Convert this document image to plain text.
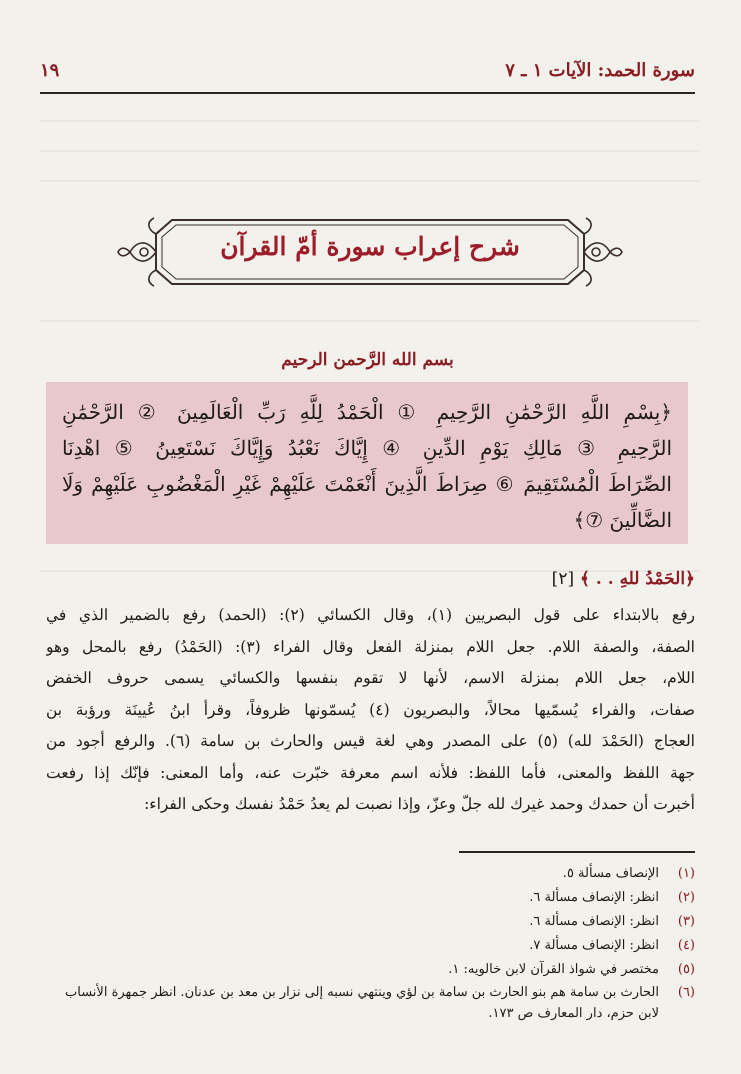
سورة الحمد: الآيات ١ ـ ٧
١٩
شرح إعراب سورة أمّ القرآن
بسم الله الرَّحمن الرحيم
﴿بِسْمِ اللَّهِ الرَّحْمَٰنِ الرَّحِيمِ ① الْحَمْدُ لِلَّهِ رَبِّ الْعَالَمِينَ ② الرَّحْمَٰنِ
الرَّحِيمِ ③ مَالِكِ يَوْمِ الدِّينِ ④ إِيَّاكَ نَعْبُدُ وَإِيَّاكَ نَسْتَعِينُ ⑤ اهْدِنَا
الصِّرَاطَ الْمُسْتَقِيمَ ⑥ صِرَاطَ الَّذِينَ أَنْعَمْتَ عَلَيْهِمْ غَيْرِ الْمَغْضُوبِ عَلَيْهِمْ وَلَا
الضَّالِّينَ ⑦﴾
﴿الحَمْدُ للهِ . . ﴾ [٢]
رفع بالابتداء على قول البصريين (١)، وقال الكسائي (٢): (الحمد) رفع بالضمير الذي في
الصفة، والصفة اللام. جعل اللام بمنزلة الفعل وقال الفراء (٣): (الحَمْدُ) رفع بالمحل وهو
اللام، جعل اللام بمنزلة الاسم، لأنها لا تقوم بنفسها والكسائي يسمى حروف الخفض
صفات، والفراء يُسمّيها محالاً، والبصريون (٤) يُسمّونها ظروفاً، وقرأ ابنُ عُيينَة ورؤبة بن
العجاج (الحَمْدَ لله) (٥) على المصدر وهي لغة قيس والحارث بن سامة (٦). والرفع أجود من
جهة اللفظ والمعنى، فأما اللفظ: فلأنه اسم معرفة خبّرت عنه، وأما المعنى: فإنّك إذا رفعت
أخبرت أن حمدك وحمد غيرك لله جلّ وعزّ، وإذا نصبت لم يعدُ حَمْدُ نفسك وحكى الفراء:
(١)
الإنصاف مسألة ٥.
(٢)
انظر: الإنصاف مسألة ٦.
(٣)
انظر: الإنصاف مسألة ٦.
(٤)
انظر: الإنصاف مسألة ٧.
(٥)
مختصر في شواذ القرآن لابن خالويه: ١.
(٦)
الحارث بن سامة هم بنو الحارث بن سامة بن لؤي وينتهي نسبه إلى نزار بن معد بن عدنان. انظر جمهرة الأنساب لابن حزم، دار المعارف ص ١٧٣.
